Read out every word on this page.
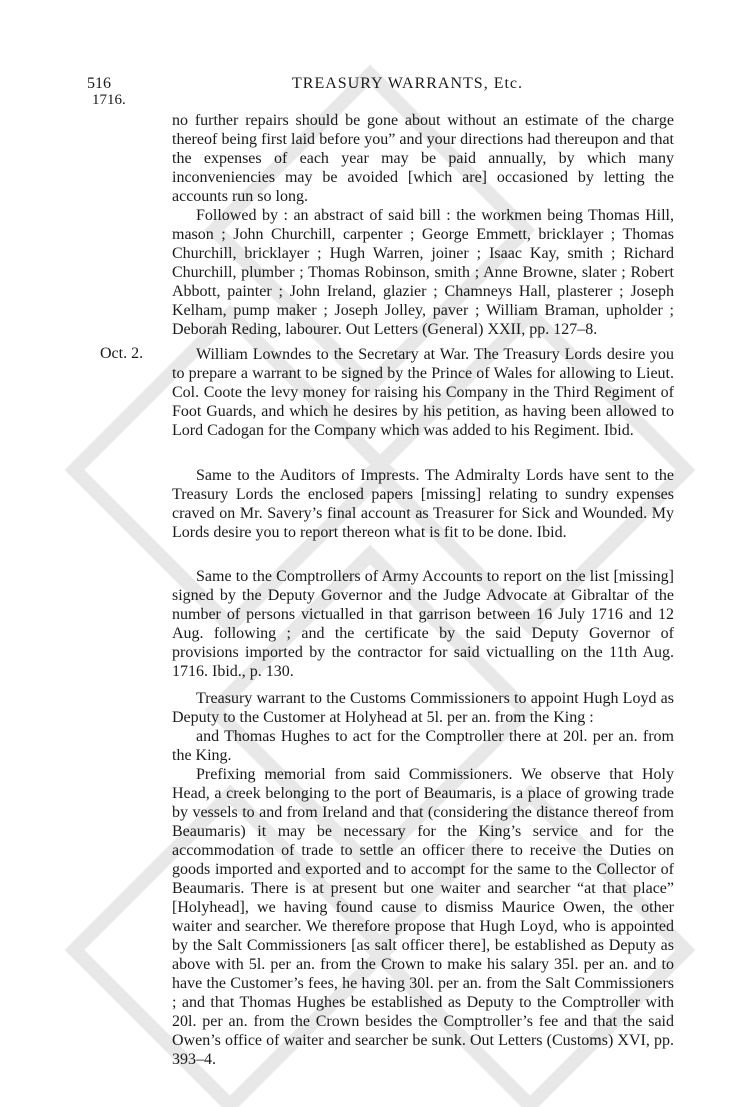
516
1716.
TREASURY WARRANTS, Etc.

no further repairs should be gone about without an estimate of the charge thereof being first laid before you” and your directions had thereupon and that the expenses of each year may be paid annually, by which many inconveniencies may be avoided [which are] occasioned by letting the accounts run so long.

Followed by : an abstract of said bill : the workmen being Thomas Hill, mason ; John Churchill, carpenter ; George Emmett, bricklayer ; Thomas Churchill, bricklayer ; Hugh Warren, joiner ; Isaac Kay, smith ; Richard Churchill, plumber ; Thomas Robinson, smith ; Anne Browne, slater ; Robert Abbott, painter ; John Ireland, glazier ; Chamneys Hall, plasterer ; Joseph Kelham, pump maker ; Joseph Jolley, paver ; William Braman, upholder ; Deborah Reding, labourer. Out Letters (General) XXII, pp. 127–8.

Oct. 2.	William Lowndes to the Secretary at War. The Treasury Lords desire you to prepare a warrant to be signed by the Prince of Wales for allowing to Lieut. Col. Coote the levy money for raising his Company in the Third Regiment of Foot Guards, and which he desires by his petition, as having been allowed to Lord Cadogan for the Company which was added to his Regiment. Ibid.

Same to the Auditors of Imprests. The Admiralty Lords have sent to the Treasury Lords the enclosed papers [missing] relating to sundry expenses craved on Mr. Savery’s final account as Treasurer for Sick and Wounded. My Lords desire you to report thereon what is fit to be done. Ibid.

Same to the Comptrollers of Army Accounts to report on the list [missing] signed by the Deputy Governor and the Judge Advocate at Gibraltar of the number of persons victualled in that garrison between 16 July 1716 and 12 Aug. following ; and the certificate by the said Deputy Governor of provisions imported by the contractor for said victualling on the 11th Aug. 1716. Ibid., p. 130.

Treasury warrant to the Customs Commissioners to appoint Hugh Loyd as Deputy to the Customer at Holyhead at 5l. per an. from the King :

and Thomas Hughes to act for the Comptroller there at 20l. per an. from the King.

Prefixing memorial from said Commissioners. We observe that Holy Head, a creek belonging to the port of Beaumaris, is a place of growing trade by vessels to and from Ireland and that (considering the distance thereof from Beaumaris) it may be necessary for the King’s service and for the accommodation of trade to settle an officer there to receive the Duties on goods imported and exported and to accompt for the same to the Collector of Beaumaris. There is at present but one waiter and searcher “at that place” [Holyhead], we having found cause to dismiss Maurice Owen, the other waiter and searcher. We therefore propose that Hugh Loyd, who is appointed by the Salt Commissioners [as salt officer there], be established as Deputy as above with 5l. per an. from the Crown to make his salary 35l. per an. and to have the Customer’s fees, he having 30l. per an. from the Salt Commissioners ; and that Thomas Hughes be established as Deputy to the Comptroller with 20l. per an. from the Crown besides the Comptroller’s fee and that the said Owen’s office of waiter and searcher be sunk. Out Letters (Customs) XVI, pp. 393–4.
